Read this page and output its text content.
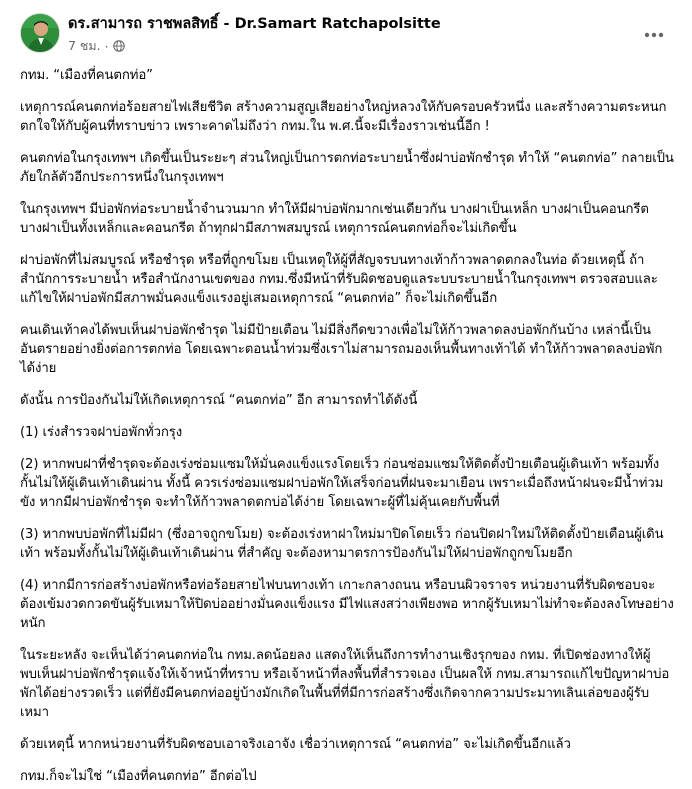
ดร.สามารถ ราชพลสิทธิ์ - Dr.Samart Ratchapolsitte
7 ชม. ·

กทม. “เมืองที่คนตกท่อ”

เหตุการณ์คนตกท่อร้อยสายไฟเสียชีวิต สร้างความสูญเสียอย่างใหญ่หลวงให้กับครอบครัวหนึ่ง และสร้างความตระหนกตกใจให้กับผู้คนที่ทราบข่าว เพราะคาดไม่ถึงว่า กทม.ใน พ.ศ.นี้จะมีเรื่องราวเช่นนี้อีก !

คนตกท่อในกรุงเทพฯ เกิดขึ้นเป็นระยะๆ ส่วนใหญ่เป็นการตกท่อระบายน้ำซึ่งฝาบ่อพักชำรุด ทำให้ “คนตกท่อ” กลายเป็นภัยใกล้ตัวอีกประการหนึ่งในกรุงเทพฯ

ในกรุงเทพฯ มีบ่อพักท่อระบายน้ำจำนวนมาก ทำให้มีฝาบ่อพักมากเช่นเดียวกัน บางฝาเป็นเหล็ก บางฝาเป็นคอนกรีต บางฝาเป็นทั้งเหล็กและคอนกรีต ถ้าทุกฝามีสภาพสมบูรณ์ เหตุการณ์คนตกท่อก็จะไม่เกิดขึ้น

ฝาบ่อพักที่ไม่สมบูรณ์ หรือชำรุด หรือที่ถูกขโมย เป็นเหตุให้ผู้ที่สัญจรบนทางเท้าก้าวพลาดตกลงในท่อ ด้วยเหตุนี้ ถ้าสำนักการระบายน้ำ หรือสำนักงานเขตของ กทม.ซึ่งมีหน้าที่รับผิดชอบดูแลระบบระบายน้ำในกรุงเทพฯ ตรวจสอบและแก้ไขให้ฝาบ่อพักมีสภาพมั่นคงแข็งแรงอยู่เสมอเหตุการณ์ “คนตกท่อ” ก็จะไม่เกิดขึ้นอีก

คนเดินเท้าคงได้พบเห็นฝาบ่อพักชำรุด ไม่มีป้ายเตือน ไม่มีสิ่งกีดขวางเพื่อไม่ให้ก้าวพลาดลงบ่อพักกันบ้าง เหล่านี้เป็นอันตรายอย่างยิ่งต่อการตกท่อ โดยเฉพาะตอนน้ำท่วมซึ่งเราไม่สามารถมองเห็นพื้นทางเท้าได้ ทำให้ก้าวพลาดลงบ่อพักได้ง่าย

ดังนั้น การป้องกันไม่ให้เกิดเหตุการณ์ “คนตกท่อ” อีก สามารถทำได้ดังนี้

(1) เร่งสำรวจฝาบ่อพักทั่วกรุง

(2) หากพบฝาที่ชำรุดจะต้องเร่งซ่อมแซมให้มั่นคงแข็งแรงโดยเร็ว ก่อนซ่อมแซมให้ติดตั้งป้ายเตือนผู้เดินเท้า พร้อมทั้งกั้นไม่ให้ผู้เดินเท้าเดินผ่าน ทั้งนี้ ควรเร่งซ่อมแซมฝาบ่อพักให้เสร็จก่อนที่ฝนจะมาเยือน เพราะเมื่อถึงหน้าฝนจะมีน้ำท่วมขัง หากมีฝาบ่อพักชำรุด จะทำให้ก้าวพลาดตกบ่อได้ง่าย โดยเฉพาะผู้ที่ไม่คุ้นเคยกับพื้นที่

(3) หากพบบ่อพักที่ไม่มีฝา (ซึ่งอาจถูกขโมย) จะต้องเร่งหาฝาใหม่มาปิดโดยเร็ว ก่อนปิดฝาใหม่ให้ติดตั้งป้ายเตือนผู้เดินเท้า พร้อมทั้งกั้นไม่ให้ผู้เดินเท้าเดินผ่าน ที่สำคัญ จะต้องหามาตรการป้องกันไม่ให้ฝาบ่อพักถูกขโมยอีก

(4) หากมีการก่อสร้างบ่อพักหรือท่อร้อยสายไฟบนทางเท้า เกาะกลางถนน หรือบนผิวจราจร หน่วยงานที่รับผิดชอบจะต้องเข้มงวดกวดขันผู้รับเหมาให้ปิดบ่ออย่างมั่นคงแข็งแรง มีไฟแสงสว่างเพียงพอ หากผู้รับเหมาไม่ทำจะต้องลงโทษอย่างหนัก

ในระยะหลัง จะเห็นได้ว่าคนตกท่อใน กทม.ลดน้อยลง แสดงให้เห็นถึงการทำงานเชิงรุกของ กทม. ที่เปิดช่องทางให้ผู้พบเห็นฝาบ่อพักชำรุดแจ้งให้เจ้าหน้าที่ทราบ หรือเจ้าหน้าที่ลงพื้นที่สำรวจเอง เป็นผลให้ กทม.สามารถแก้ไขปัญหาฝาบ่อพักได้อย่างรวดเร็ว แต่ที่ยังมีคนตกท่ออยู่บ้างมักเกิดในพื้นที่ที่มีการก่อสร้างซึ่งเกิดจากความประมาทเลินเล่อของผู้รับเหมา

ด้วยเหตุนี้ หากหน่วยงานที่รับผิดชอบเอาจริงเอาจัง เชื่อว่าเหตุการณ์ “คนตกท่อ” จะไม่เกิดขึ้นอีกแล้ว

กทม.ก็จะไม่ใช่ “เมืองที่คนตกท่อ” อีกต่อไป
